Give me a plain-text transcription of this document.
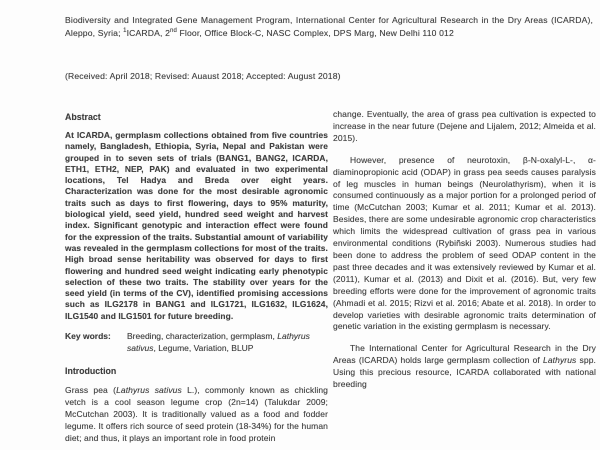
Biodiversity and Integrated Gene Management Program, International Center for Agricultural Research in the Dry Areas (ICARDA), Aleppo, Syria; $^1$ICARDA, 2nd Floor, Office Block-C, NASC Complex, DPS Marg, New Delhi 110 012

(Received: April 2018; Revised: Auaust 2018; Accepted: August 2018)

Abstract

At ICARDA, germplasm collections obtained from five countries namely, Bangladesh, Ethiopia, Syria, Nepal and Pakistan were grouped in to seven sets of trials (BANG1, BANG2, ICARDA, ETH1, ETH2, NEP, PAK) and evaluated in two experimental locations, Tel Hadya and Breda over eight years. Characterization was done for the most desirable agronomic traits such as days to first flowering, days to 95% maturity, biological yield, seed yield, hundred seed weight and harvest index. Significant genotypic and interaction effect were found for the expression of the traits. Substantial amount of variability was revealed in the germplasm collections for most of the traits. High broad sense heritability was observed for days to first flowering and hundred seed weight indicating early phenotypic selection of these two traits. The stability over years for the seed yield (in terms of the CV), identified promising accessions such as ILG2178 in BANG1 and ILG1721, ILG1632, ILG1624, ILG1540 and ILG1501 for future breeding.

Key words:	Breeding, characterization, germplasm, Lathyrus sativus, Legume, Variation, BLUP
Introduction

Grass pea (Lathyrus sativus L.), commonly known as chickling vetch is a cool season legume crop (2n=14) (Talukdar 2009; McCutchan 2003). It is traditionally valued as a food and fodder legume. It offers rich source of seed protein (18-34%) for the human diet; and thus, it plays an important role in food protein

change. Eventually, the area of grass pea cultivation is expected to increase in the near future (Dejene and Lijalem, 2012; Almeida et al. 2015).

However, presence of neurotoxin, β-N-oxalyl-L-, α-diaminopropionic acid (ODAP) in grass pea seeds causes paralysis of leg muscles in human beings (Neurolathyrism), when it is consumed continuously as a major portion for a prolonged period of time (McCutchan 2003; Kumar et al. 2011; Kumar et al. 2013). Besides, there are some undesirable agronomic crop characteristics which limits the widespread cultivation of grass pea in various environmental conditions (Rybiñski 2003). Numerous studies had been done to address the problem of seed ODAP content in the past three decades and it was extensively reviewed by Kumar et al. (2011), Kumar et al. (2013) and Dixit et al. (2016). But, very few breeding efforts were done for the improvement of agronomic traits (Ahmadi et al. 2015; Rizvi et al. 2016; Abate et al. 2018). In order to develop varieties with desirable agronomic traits determination of genetic variation in the existing germplasm is necessary.

The International Center for Agricultural Research in the Dry Areas (ICARDA) holds large germplasm collection of Lathyrus spp. Using this precious resource, ICARDA collaborated with national breeding
